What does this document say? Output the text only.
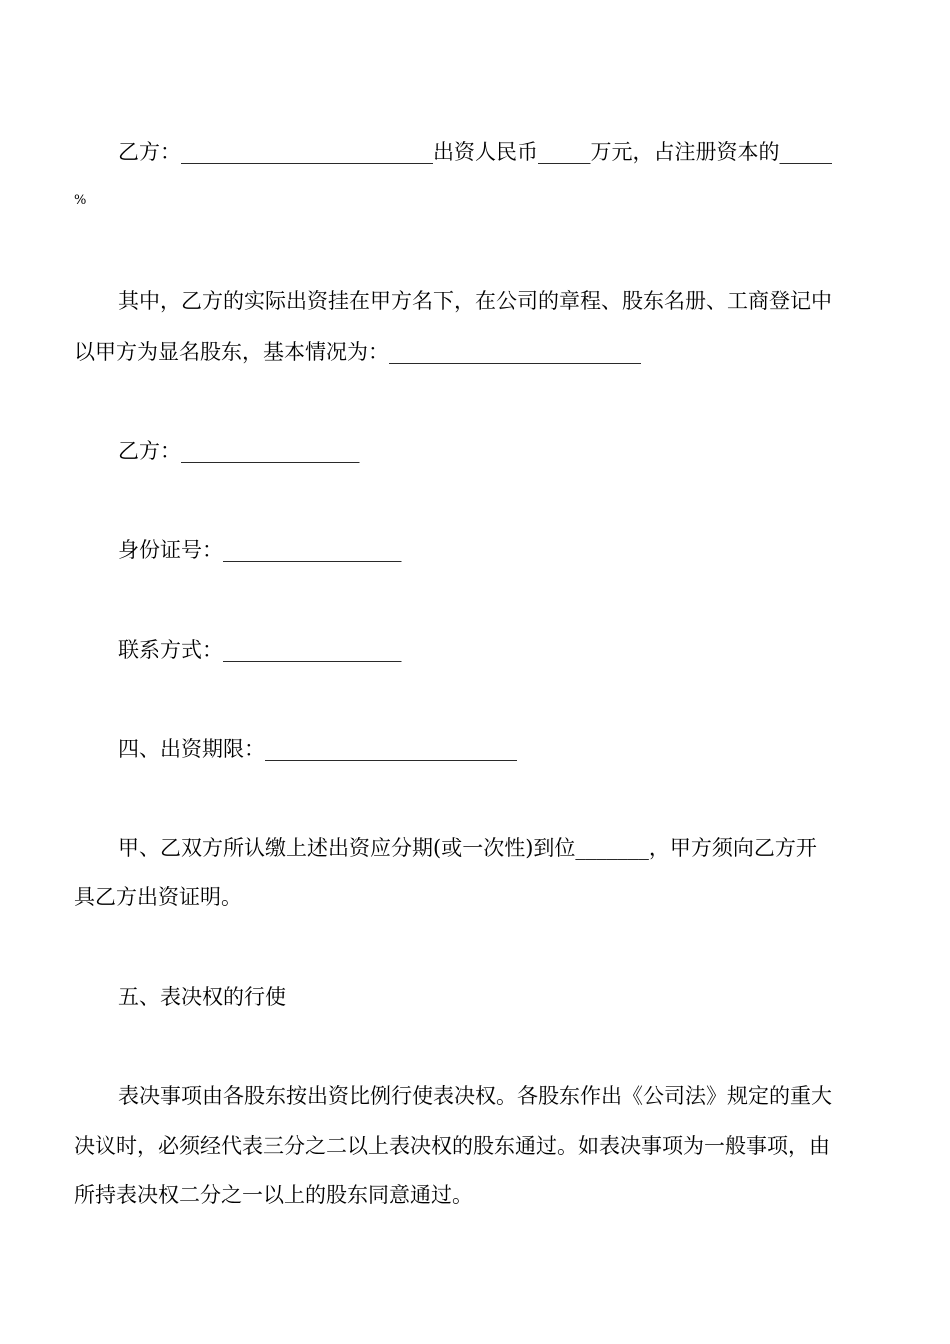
乙方：________________________出资人民币_____万元，占注册资本的_____
%
其中，乙方的实际出资挂在甲方名下，在公司的章程、股东名册、工商登记中
以甲方为显名股东，基本情况为：________________________
乙方：_________________
身份证号：_________________
联系方式：_________________
四、出资期限：________________________
甲、乙双方所认缴上述出资应分期(或一次性)到位_______，甲方须向乙方开
具乙方出资证明。
五、表决权的行使
表决事项由各股东按出资比例行使表决权。各股东作出《公司法》规定的重大
决议时，必须经代表三分之二以上表决权的股东通过。如表决事项为一般事项，由
所持表决权二分之一以上的股东同意通过。
